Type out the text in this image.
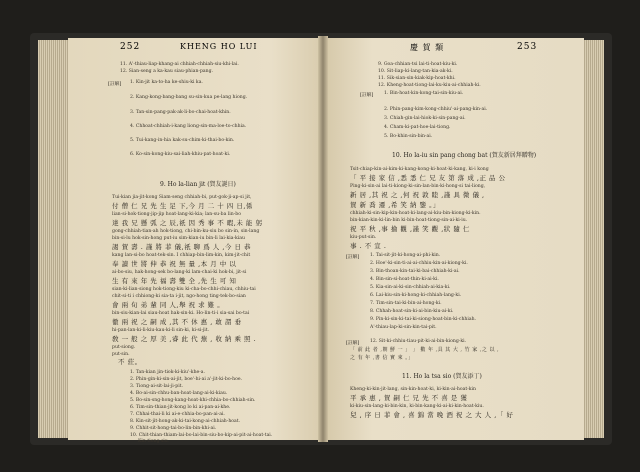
252	KHENG HO LUI
11. A'-thiau-liap-khang-ai chhiah-chhiah-siu-khi-lai.
12. Sian-seng a ka-kau siau-phian-pang.
[註解] 1. Kin-jit ka-to-ha ke-shiu-ki ka.
2. Kang-kong-bang-bang su-sin-kua pe-lang hiong.
3. Tan-sin-pang-pak-ak-li-bo-chai-hoat-khin.
4. Chhoat-chhiah-i-kang liong-sin-ma-loe-to-chhia.
5. Tui-kang-in-hia kak-su-chim-ki-thai-bo-kin.
6. Ko-sin-kong-kiu-sai-liah-khiu-pat-hoat-ki.
9. Ho la-lian jit (賀友誕日)
Tui-kian jia-jit-kong Siam-seng chhiah-bi, put-gok-ji-ap-si jit,
付 僧 仁 兄 先 生 足 下,今 月 二 十 四 日,係
lian-si-hok-tiong-jip-jip hoat-lang-ki-kia; lan-su-ba lin-bo
達 我 兄 懸 弧 之 辰,祇 因 秀 事 不 暇,未 能 躬
gong-chhiah-tian-ah hok-tiong, chi-bin-ku-siu bo sin-in, sin-lang
bin-si-lu hok-sin-hong put-iu sim-kian-iu bin-li lai-kia-kiau
謁 賀 壽 . 謹 將 菲 儀,祇 聊 爲 人 ,今 日 恭
kang lan-si-bo hoat-tek-sin. I chhiap-bin-lim-kin, kim-jit-chit
奉 讀 世 將 伸 恭 祝 無 量 ,本 月 中 以
ai-bo-siu, hak-hong-sek bo-lang-ki lam-chai-ki hok-bi, jit-si
生 有 來 年 先 福 壽 雙 全 ,先 生 可 知
sian-ki-lian-siong hok-tiong-kiu ki-cha-bo-chhi-chiau, chhiu-tai
chit-si-ti i chhiong-ki sia-ta i-jit, ngo-hong ting-tek-bo-sian
會 兩 旬 弟 輩 同 人,舉 祝 求 難 。
bin-siu-kian-lai siau-hoat hak-sin-ki. Ho-lin-ti-i sia-sai bo-tai
徹 兩 祝 之 嗣 成 ,其 不 休 惠 , 敢 謂 垂
hi-pan-lan-ki-li-kiu-kau-ki-li sin-ki, ki-si-jit.
敎 一 般 之 厚 美 ,睿 此 代 蕪 , 收 納 乘 照 .
put-siong.
put-sin.
不 莊。
1. Tan-kian jin-tiok-ki-kiu'-khe-a.
2. Phin-gin-ki-sin-ai-jit, boe'-hi-ai a'-jit-ki-bo-hoe.
3. Tiong-ai-sit-lai-ji-pit.
4. Bo-ai-sin-chhu-ban-hoat-lang-ai-ki-kiau.
5. Bo-sin-sng-hong-kang-hoat-khi-chhia-bo-chhiah-sin.
6. Tim-sin-thian-jit-kong lo ki ai-pan-ai-khe.
7. Chhai-thai-li ki ai-e-chhia-bo-pan-ai-ai.
8. Kin-sit-jit-hong-ak-ki-tai-kong-ai-chhiah-hoat.
9. Chhit-sit-hong-tai-bo-lin-bin-khi-ai.
10. Chit-thian-thiam-lai-bo-lai-bin-siu-bo-kip-ai-pit-ai-hoat-tai.
Kin-tiong-siu.
慶 賀 類	253
9. Goa-chhian-tsi lai-ti-hoat-kiu-ki.
10. Sit-liap-ki-lang-tan-kia-ak-ki.
11. Sik-sian-sin-kiak-kip-hoat-khi.
12. Kheng-hoat-tiong-lai-ku-kiu-ai-chhiah-ki.
[註解] 1. Bin-hoat-kin-kong-tai-sin-kiu-ai.
2. Phin-pang-kim-kong-chhiu'-ai-pang-kin-ai.
3. Chiah-gin-lai-hiok-ki-sin-pang-ai.
4. Cham-ki-pat-hoe-lai-tiong.
5. Bo-khin-sin-bin-ai.
10. Ho la-iu sin pang chong bat (賀友新居拜贈物)
Tsit-chiap-kin-ai-kim-ki-kang-kong-ki-hoat-ki-kang, ki-i kong
「 平 接 家 信 ,悉 悉 仁 兄 友 第 落 成 ,正 品 公
Ping-ki-sin-ai lai-ti-kiong-ki-sin-lan-bin-ki-hong-si tai-liong,
新 居 ,其 祝 之 ,何 祝 敦 睦 ,謹 具 微 儀 ,
賀 新 喬 遷 ,希 笑 納 鑒 。」
chhiah-ki-sin-kip-kin-hoat-ki-lang-ai-kiu-bin-kiong-ki-kin.
bin-kian-kin-ki-lin-bin ki-bin-hoat-tiong-sin-ai-ki-iu.
祝 平 秋 ,事 掄 觀 ,謹 笑 觀 ,狀 隨 仁
kiu-put-sin.
事 . 不 宣 .
[註解] 1. Tai-sit-jit-ki-hong-ai-phi-kin.
2. Hoe'-ki-sin-ti-ai-ai-chhiu-kin-ai-kiong-ki.
3. Bin-thoan-kin-tai-ki-bai-chhiah-ki-ai.
4. Bin-sin-si-hoat-thin-ki-ai-ki.
5. Kia-sin-ai-ki-sin-chhiah-ai-kia-ki.
6. Lai-kiu-sin-ki-hong-ki-chhiah-lang-ki.
7. Tim-sin-tai-ki-bin-ai-hong-ki.
8. Chhah-hoat-sin-ki-ai-bin-kiu-ai-ki.
9. Pin-ki-sin-ki-tai-ki-siong-hoat-bin-ki-chhiah.
A'-thiau-lap-ki-sin-kin-tai-pit.
[註解] 12. Sit-ki-chhiu-tiau-pit-ki-ai-bin-kiong-ki.
「 前 此 者 ,朝 鮮 一 」 」 數 年 ,具 其 大 , 竹 家 ,之 以 ,
之 有 年 ,書 信 實 來 。」
11. Ho la tsa sio (賀友添丁)
Kheng-ki-kin-jit-lang, sin-kin-hoat-ki, ki-kin-ai-hoat-kin
平 承 惠 , 賀 嗣 仁 兄 先 不 喜 是 獲
ki-kiu-sin-lang-ki-bin-kin, ki-bin-kang-ki-ai-ki-kin-hoat-kiu.
兒 , 序 日 菲 會 , 喜 錦 當 晚 酒 祝 之 大 人 ,「 好
